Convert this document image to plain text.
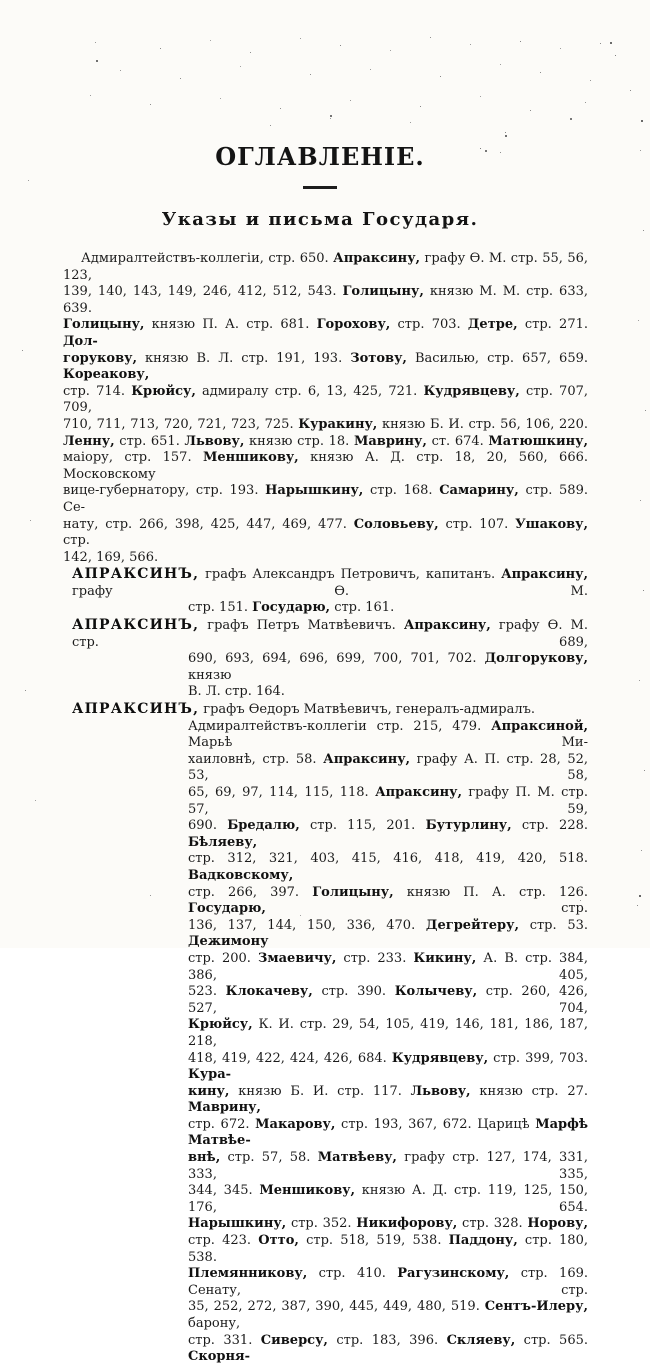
ОГЛАВЛЕНІЕ.
Указы и письма Государя.
Адмиралтействъ-коллегіи, стр. 650. Апраксину, графу Ѳ. М. стр. 55, 56, 123,
139, 140, 143, 149, 246, 412, 512, 543. Голицыну, князю М. М. стр. 633, 639.
Голицыну, князю П. А. стр. 681. Горохову, стр. 703. Детре, стр. 271. Дол-
горукову, князю В. Л. стр. 191, 193. Зотову, Василью, стр. 657, 659. Кореакову,
стр. 714. Крюйсу, адмиралу стр. 6, 13, 425, 721. Кудрявцеву, стр. 707, 709,
710, 711, 713, 720, 721, 723, 725. Куракину, князю Б. И. стр. 56, 106, 220.
Ленну, стр. 651. Львову, князю стр. 18. Маврину, ст. 674. Матюшкину,
маіору, стр. 157. Меншикову, князю А. Д. стр. 18, 20, 560, 666. Московскому
вице-губернатору, стр. 193. Нарышкину, стр. 168. Самарину, стр. 589. Се-
нату, стр. 266, 398, 425, 447, 469, 477. Соловьеву, стр. 107. Ушакову, стр.
142, 169, 566.
АПРАКСИНЪ, графъ Александръ Петровичъ, капитанъ. Апраксину, графу Ѳ. М.
стр. 151. Государю, стр. 161.
АПРАКСИНЪ, графъ Петръ Матвѣевичъ. Апраксину, графу Ѳ. М. стр. 689,
690, 693, 694, 696, 699, 700, 701, 702. Долгорукову, князю
В. Л. стр. 164.
АПРАКСИНЪ, графъ Ѳедоръ Матвѣевичъ, генералъ-адмиралъ.
Адмиралтействъ-коллегіи стр. 215, 479. Апраксиной, Марьѣ Ми-
хаиловнѣ, стр. 58. Апраксину, графу А. П. стр. 28, 52, 53, 58,
65, 69, 97, 114, 115, 118. Апраксину, графу П. М. стр. 57, 59,
690. Бредалю, стр. 115, 201. Бутурлину, стр. 228. Бѣляеву,
стр. 312, 321, 403, 415, 416, 418, 419, 420, 518. Вадковскому,
стр. 266, 397. Голицыну, князю П. А. стр. 126. Государю, стр.
136, 137, 144, 150, 336, 470. Дегрейтеру, стр. 53. Дежимону
стр. 200. Змаевичу, стр. 233. Кикину, А. В. стр. 384, 386, 405,
523. Клокачеву, стр. 390. Колычеву, стр. 260, 426, 527, 704,
Крюйсу, К. И. стр. 29, 54, 105, 419, 146, 181, 186, 187, 218,
418, 419, 422, 424, 426, 684. Кудрявцеву, стр. 399, 703. Кура-
кину, князю Б. И. стр. 117. Львову, князю стр. 27. Маврину,
стр. 672. Макарову, стр. 193, 367, 672. Царицѣ Марфѣ Матвѣе-
внѣ, стр. 57, 58. Матвѣеву, графу стр. 127, 174, 331, 333, 335,
344, 345. Меншикову, князю А. Д. стр. 119, 125, 150, 176, 654.
Нарышкину, стр. 352. Никифорову, стр. 328. Норову,
стр. 423. Отто, стр. 518, 519, 538. Паддону, стр. 180, 538.
Племянникову, стр. 410. Рагузинскому, стр. 169. Сенату, стр.
35, 252, 272, 387, 390, 445, 449, 480, 519. Сентъ-Илеру, барону,
стр. 331. Сиверсу, стр. 183, 396. Скляеву, стр. 565. Скорня-
